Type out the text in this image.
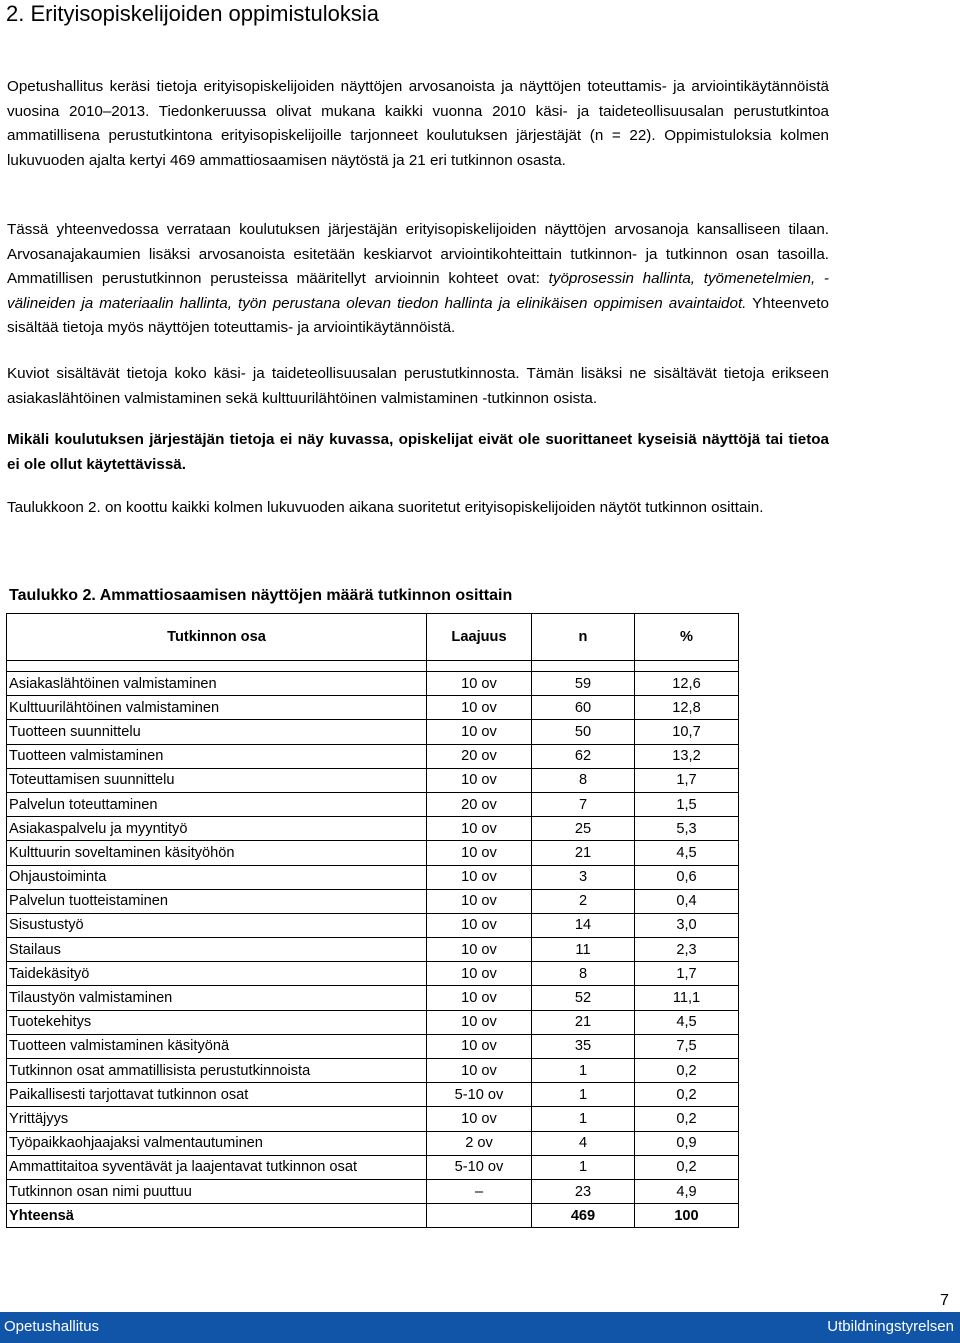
2. Erityisopiskelijoiden oppimistuloksia

Opetushallitus keräsi tietoja erityisopiskelijoiden näyttöjen arvosanoista ja näyttöjen toteuttamis- ja arviointikäytännöistä vuosina 2010–2013. Tiedonkeruussa olivat mukana kaikki vuonna 2010 käsi- ja taideteollisuusalan perustutkintoa ammatillisena perustutkintona erityisopiskelijoille tarjonneet koulutuksen järjestäjät (n = 22). Oppimistuloksia kolmen lukuvuoden ajalta kertyi 469 ammattiosaamisen näytöstä ja 21 eri tutkinnon osasta.

Tässä yhteenvedossa verrataan koulutuksen järjestäjän erityisopiskelijoiden näyttöjen arvosanoja kansalliseen tilaan. Arvosanajakaumien lisäksi arvosanoista esitetään keskiarvot arviointikohteittain tutkinnon- ja tutkinnon osan tasoilla. Ammatillisen perustutkinnon perusteissa määritellyt arvioinnin kohteet ovat: työprosessin hallinta, työmenetelmien, -välineiden ja materiaalin hallinta, työn perustana olevan tiedon hallinta ja elinikäisen oppimisen avaintaidot. Yhteenveto sisältää tietoja myös näyttöjen toteuttamis- ja arviointikäytännöistä.

Kuviot sisältävät tietoja koko käsi- ja taideteollisuusalan perustutkinnosta. Tämän lisäksi ne sisältävät tietoja erikseen asiakaslähtöinen valmistaminen sekä kulttuurilähtöinen valmistaminen -tutkinnon osista.

Mikäli koulutuksen järjestäjän tietoja ei näy kuvassa, opiskelijat eivät ole suorittaneet kyseisiä näyttöjä tai tietoa ei ole ollut käytettävissä.

Taulukkoon 2. on koottu kaikki kolmen lukuvuoden aikana suoritetut erityisopiskelijoiden näytöt tutkinnon osittain.

Taulukko 2. Ammattiosaamisen näyttöjen määrä tutkinnon osittain

Tutkinnon osa	Laajuus	n	%

Asiakaslähtöinen valmistaminen	10 ov	59	12,6
Kulttuurilähtöinen valmistaminen	10 ov	60	12,8
Tuotteen suunnittelu	10 ov	50	10,7
Tuotteen valmistaminen	20 ov	62	13,2
Toteuttamisen suunnittelu	10 ov	8	1,7
Palvelun toteuttaminen	20 ov	7	1,5
Asiakaspalvelu ja myyntityö	10 ov	25	5,3
Kulttuurin soveltaminen käsityöhön	10 ov	21	4,5
Ohjaustoiminta	10 ov	3	0,6
Palvelun tuotteistaminen	10 ov	2	0,4
Sisustustyö	10 ov	14	3,0
Stailaus	10 ov	11	2,3
Taidekäsityö	10 ov	8	1,7
Tilaustyön valmistaminen	10 ov	52	11,1
Tuotekehitys	10 ov	21	4,5
Tuotteen valmistaminen käsityönä	10 ov	35	7,5
Tutkinnon osat ammatillisista perustutkinnoista	10 ov	1	0,2
Paikallisesti tarjottavat tutkinnon osat	5-10 ov	1	0,2
Yrittäjyys	10 ov	1	0,2
Työpaikkaohjaajaksi valmentautuminen	2 ov	4	0,9
Ammattitaitoa syventävät ja laajentavat tutkinnon osat	5-10 ov	1	0,2
Tutkinnon osan nimi puuttuu	–	23	4,9
Yhteensä		469	100
7
Opetushallitus	Utbildningstyrelsen
